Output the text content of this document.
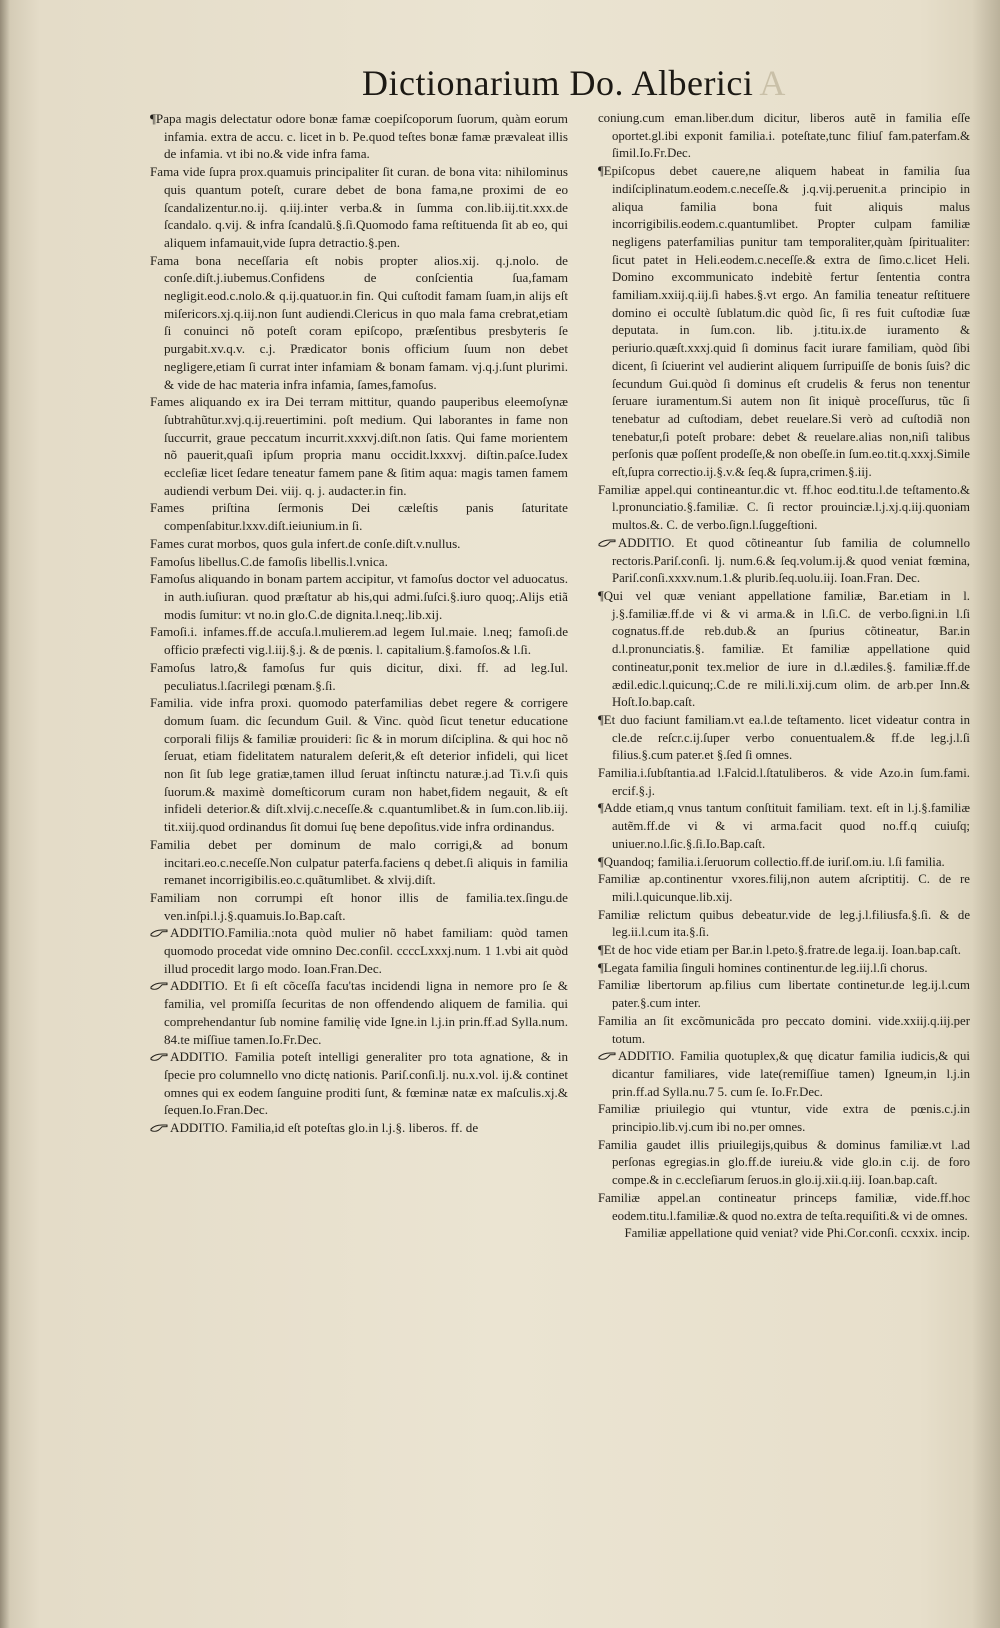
Dictionarium Do. Alberici A

¶Papa magis delectatur odore bonæ famæ coepiſcoporum ſuorum, quàm eorum infamia. extra de accu. c. licet in b. Pe.quod teſtes bonæ famæ prævaleat illis de infamia. vt ibi no.& vide infra fama.

Fama vide ſupra prox.quamuis principaliter ſit curan. de bona vita: nihilominus quis quantum poteſt, curare debet de bona fama,ne proximi de eo ſcandalizentur.no.ij. q.iij.inter verba.& in ſumma con.lib.iij.tit.xxx.de ſcandalo. q.vij. & infra ſcandalũ.§.ſi.Quomodo fama reſtituenda ſit ab eo, qui aliquem infamauit,vide ſupra detractio.§.pen.

Fama bona neceſſaria eſt nobis propter alios.xij. q.j.nolo. de conſe.diſt.j.iubemus.Confidens de conſcientia ſua,famam negligit.eod.c.nolo.& q.ij.quatuor.in fin. Qui cuſtodit famam ſuam,in alijs eſt miſericors.xj.q.iij.non ſunt audiendi.Clericus in quo mala fama crebrat,etiam ſi conuinci nõ poteſt coram epiſcopo, præſentibus presbyteris ſe purgabit.xv.q.v. c.j. Prædicator bonis officium ſuum non debet negligere,etiam ſi currat inter infamiam & bonam famam. vj.q.j.ſunt plurimi. & vide de hac materia infra infamia, ſames,famoſus.

Fames aliquando ex ira Dei terram mittitur, quando pauperibus eleemoſynæ ſubtrahũtur.xvj.q.ij.reuertimini. poſt medium. Qui laborantes in fame non ſuccurrit, graue peccatum incurrit.xxxvj.diſt.non ſatis. Qui fame morientem nõ pauerit,quaſi ipſum propria manu occidit.lxxxvj. diſtin.paſce.Iudex eccleſiæ licet ſedare teneatur famem pane & ſitim aqua: magis tamen famem audiendi verbum Dei. viij. q. j. audacter.in fin.

Fames priſtina ſermonis Dei cæleſtis panis ſaturitate compenſabitur.lxxv.diſt.ieiunium.in ſi.

Fames curat morbos, quos gula infert.de conſe.diſt.v.nullus.

Famoſus libellus.C.de famoſis libellis.l.vnica.

Famoſus aliquando in bonam partem accipitur, vt famoſus doctor vel aduocatus. in auth.iuſiuran. quod præſtatur ab his,qui admi.ſuſci.§.iuro quoq;.Alijs etiã modis ſumitur: vt no.in glo.C.de dignita.l.neq;.lib.xij.

Famoſi.i. infames.ff.de accuſa.l.mulierem.ad legem Iul.maie. l.neq; famoſi.de officio præfecti vig.l.iij.§.j. & de pœnis. l. capitalium.§.famoſos.& l.ſi.

Famoſus latro,& famoſus fur quis dicitur, dixi. ff. ad leg.Iul. peculiatus.l.ſacrilegi pœnam.§.ſi.

Familia. vide infra proxi. quomodo paterfamilias debet regere & corrigere domum ſuam. dic ſecundum Guil. & Vinc. quòd ſicut tenetur educatione corporali filijs & familiæ prouideri: ſic & in morum diſciplina. & qui hoc nõ ſeruat, etiam fidelitatem naturalem deſerit,& eſt deterior infideli, qui licet non ſit ſub lege gratiæ,tamen illud ſeruat inſtinctu naturæ.j.ad Ti.v.ſi quis ſuorum.& maximè domeſticorum curam non habet,fidem negauit, & eſt infideli deterior.& diſt.xlvij.c.neceſſe.& c.quantumlibet.& in ſum.con.lib.iij. tit.xiij.quod ordinandus ſit domui ſuę bene depoſitus.vide infra ordinandus.

Familia debet per dominum de malo corrigi,& ad bonum incitari.eo.c.neceſſe.Non culpatur paterfa.faciens q debet.ſi aliquis in familia remanet incorrigibilis.eo.c.quãtumlibet. & xlvij.diſt.

Familiam non corrumpi eſt honor illis de familia.tex.ſingu.de ven.inſpi.l.j.§.quamuis.Io.Bap.caſt.

ADDITIO.Familia.:nota quòd mulier nõ habet familiam: quòd tamen quomodo procedat vide omnino Dec.conſil. ccccLxxxj.num. 1 1.vbi ait quòd illud procedit largo modo. Ioan.Fran.Dec.

ADDITIO. Et ſi eſt cõceſſa facu'tas incidendi ligna in nemore pro ſe & familia, vel promiſſa ſecuritas de non offendendo aliquem de familia. qui comprehendantur ſub nomine familię vide Igne.in l.j.in prin.ff.ad Sylla.num. 84.te miſſiue tamen.Io.Fr.Dec.

ADDITIO. Familia poteſt intelligi generaliter pro tota agnatione, & in ſpecie pro columnello vno dictę nationis. Pariſ.conſi.lj. nu.x.vol. ij.& continet omnes qui ex eodem ſanguine proditi ſunt, & fœminæ natæ ex maſculis.xj.& ſequen.Io.Fran.Dec.

ADDITIO. Familia,id eſt poteſtas glo.in l.j.§. liberos. ff. de

coniung.cum eman.liber.dum dicitur, liberos autẽ in familia eſſe oportet.gl.ibi exponit familia.i. poteſtate,tunc filiuſ fam.paterfam.& ſimil.Io.Fr.Dec.

¶Epiſcopus debet cauere,ne aliquem habeat in familia ſua indiſciplinatum.eodem.c.neceſſe.& j.q.vij.peruenit.a principio in aliqua familia bona fuit aliquis malus incorrigibilis.eodem.c.quantumlibet. Propter culpam familiæ negligens paterfamilias punitur tam temporaliter,quàm ſpiritualiter: ſicut patet in Heli.eodem.c.neceſſe.& extra de ſimo.c.licet Heli. Domino excommunicato indebitè fertur ſententia contra familiam.xxiij.q.iij.ſi habes.§.vt ergo. An familia teneatur reſtituere domino ei occultè ſublatum.dic quòd ſic, ſi res fuit cuſtodiæ ſuæ deputata. in ſum.con. lib. j.titu.ix.de iuramento & periurio.quæſt.xxxj.quid ſi dominus facit iurare familiam, quòd ſibi dicent, ſi ſciuerint vel audierint aliquem ſurripuiſſe de bonis ſuis? dic ſecundum Gui.quòd ſi dominus eſt crudelis & ferus non tenentur ſeruare iuramentum.Si autem non ſit iniquè proceſſurus, tũc ſi tenebatur ad cuſtodiam, debet reuelare.Si verò ad cuſtodiã non tenebatur,ſi poteſt probare: debet & reuelare.alias non,niſi talibus perſonis quæ poſſent prodeſſe,& non obeſſe.in ſum.eo.tit.q.xxxj.Simile eſt,ſupra correctio.ij.§.v.& ſeq.& ſupra,crimen.§.iij.

Familiæ appel.qui contineantur.dic vt. ff.hoc eod.titu.l.de teſtamento.& l.pronunciatio.§.familiæ. C. ſi rector prouinciæ.l.j.xj.q.iij.quoniam multos.&. C. de verbo.ſign.l.ſuggeſtioni.

ADDITIO. Et quod cõtineantur ſub familia de columnello rectoris.Pariſ.conſi. lj. num.6.& ſeq.volum.ij.& quod veniat fœmina, Pariſ.conſi.xxxv.num.1.& plurib.ſeq.uolu.iij. Ioan.Fran. Dec.

¶Qui vel quæ veniant appellatione familiæ, Bar.etiam in l. j.§.familiæ.ff.de vi & vi arma.& in l.ſi.C. de verbo.ſigni.in l.ſi cognatus.ff.de reb.dub.& an ſpurius cõtineatur, Bar.in d.l.pronunciatis.§. familiæ. Et familiæ appellatione quid contineatur,ponit tex.melior de iure in d.l.ædiles.§. familiæ.ff.de ædil.edic.l.quicunq;.C.de re mili.li.xij.cum olim. de arb.per Inn.& Hoſt.Io.bap.caſt.

¶Et duo faciunt familiam.vt ea.l.de teſtamento. licet videatur contra in cle.de reſcr.c.ij.ſuper verbo conuentualem.& ff.de leg.j.l.ſi filius.§.cum pater.et §.ſed ſi omnes.

Familia.i.ſubſtantia.ad l.Falcid.l.ſtatuliberos. & vide Azo.in ſum.fami. ercif.§.j.

¶Adde etiam,q vnus tantum conſtituit familiam. text. eſt in l.j.§.familiæ autẽm.ff.de vi & vi arma.facit quod no.ff.q cuiuſq; uniuer.no.l.ſic.§.ſi.Io.Bap.caſt.

¶Quandoq; familia.i.ſeruorum collectio.ff.de iuriſ.om.iu. l.ſi familia.

Familiæ ap.continentur vxores.filij,non autem aſcriptitij. C. de re mili.l.quicunque.lib.xij.

Familiæ relictum quibus debeatur.vide de leg.j.l.filiusfa.§.ſi. & de leg.ii.l.cum ita.§.ſi.

¶Et de hoc vide etiam per Bar.in l.peto.§.fratre.de lega.ij. Ioan.bap.caſt.

¶Legata familia ſinguli homines continentur.de leg.iij.l.ſi chorus.

Familiæ libertorum ap.filius cum libertate continetur.de leg.ij.l.cum pater.§.cum inter.

Familia an ſit excõmunicãda pro peccato domini. vide.xxiij.q.iij.per totum.

ADDITIO. Familia quotuplex,& quę dicatur familia iudicis,& qui dicantur familiares, vide late(remiſſiue tamen) Igneum,in l.j.in prin.ff.ad Sylla.nu.7 5. cum ſe. Io.Fr.Dec.

Familiæ priuilegio qui vtuntur, vide extra de pœnis.c.j.in principio.lib.vj.cum ibi no.per omnes.

Familia gaudet illis priuilegijs,quibus & dominus familiæ.vt l.ad perſonas egregias.in glo.ff.de iureiu.& vide glo.in c.ij. de foro compe.& in c.eccleſiarum ſeruos.in glo.ij.xii.q.iij. Ioan.bap.caſt.

Familiæ appel.an contineatur princeps familiæ, vide.ff.hoc eodem.titu.l.familiæ.& quod no.extra de teſta.requiſiti.& vi de omnes.

Familiæ appellatione quid veniat? vide Phi.Cor.conſi. ccxxix. incip.
